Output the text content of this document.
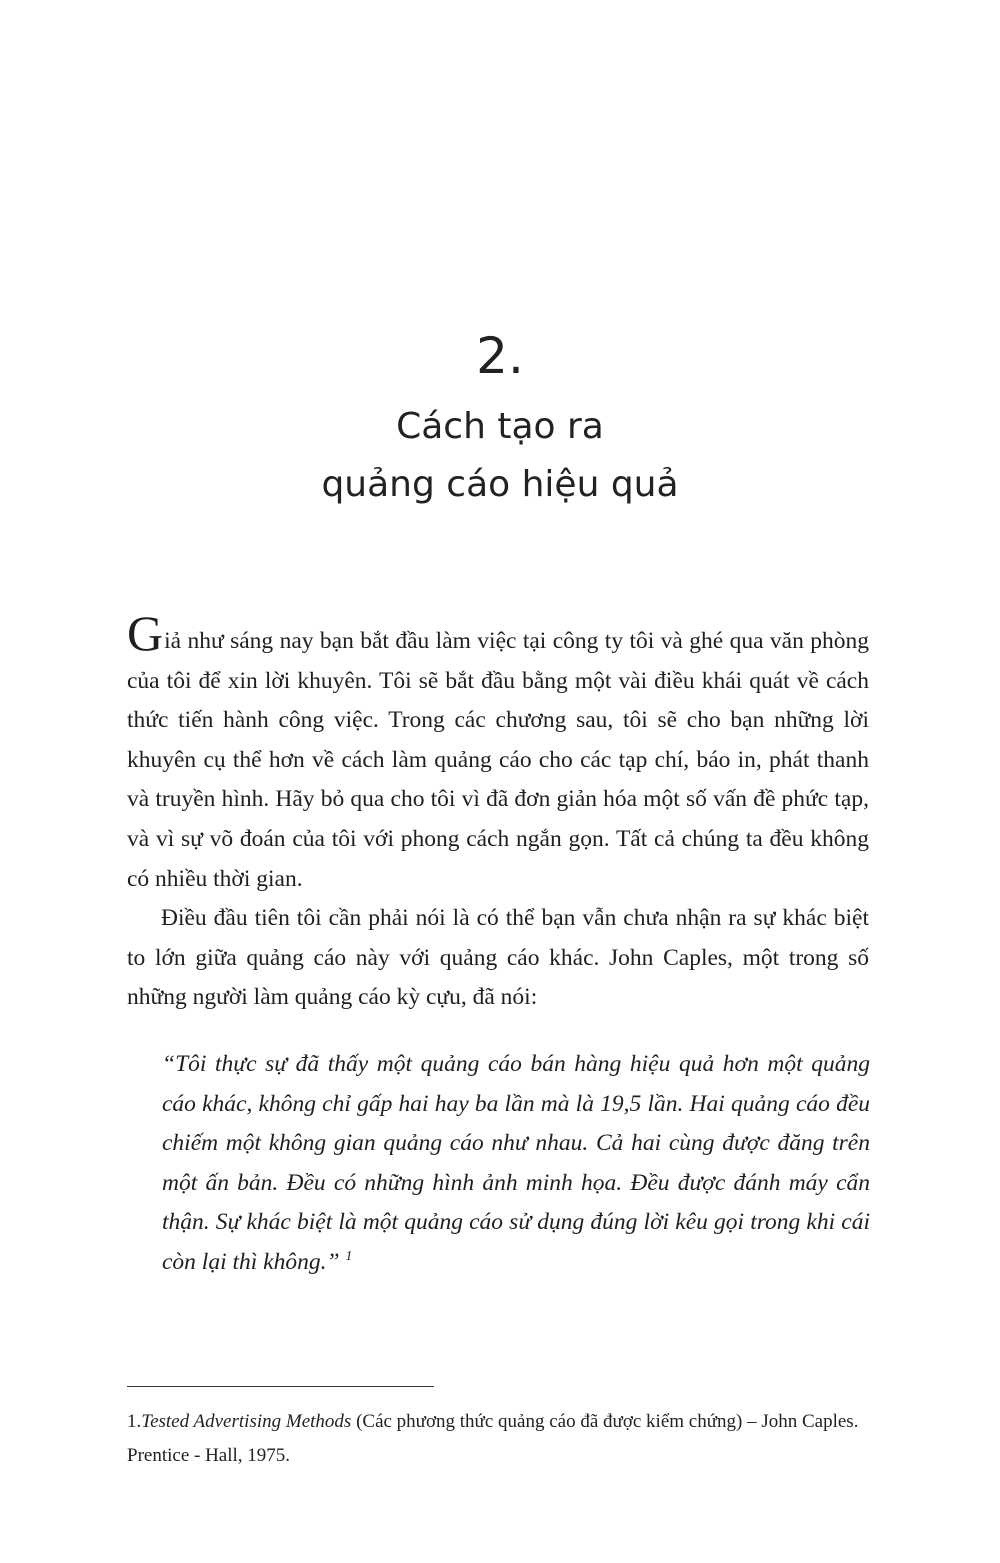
2.
Cách tạo ra
quảng cáo hiệu quả

Giả như sáng nay bạn bắt đầu làm việc tại công ty tôi và ghé qua văn phòng của tôi để xin lời khuyên. Tôi sẽ bắt đầu bằng một vài điều khái quát về cách thức tiến hành công việc. Trong các chương sau, tôi sẽ cho bạn những lời khuyên cụ thể hơn về cách làm quảng cáo cho các tạp chí, báo in, phát thanh và truyền hình. Hãy bỏ qua cho tôi vì đã đơn giản hóa một số vấn đề phức tạp, và vì sự võ đoán của tôi với phong cách ngắn gọn. Tất cả chúng ta đều không có nhiều thời gian.

Điều đầu tiên tôi cần phải nói là có thể bạn vẫn chưa nhận ra sự khác biệt to lớn giữa quảng cáo này với quảng cáo khác. John Caples, một trong số những người làm quảng cáo kỳ cựu, đã nói:

“Tôi thực sự đã thấy một quảng cáo bán hàng hiệu quả hơn một quảng cáo khác, không chỉ gấp hai hay ba lần mà là 19,5 lần. Hai quảng cáo đều chiếm một không gian quảng cáo như nhau. Cả hai cùng được đăng trên một ấn bản. Đều có những hình ảnh minh họa. Đều được đánh máy cẩn thận. Sự khác biệt là một quảng cáo sử dụng đúng lời kêu gọi trong khi cái còn lại thì không.” $^1$

1.Tested Advertising Methods (Các phương thức quảng cáo đã được kiểm chứng) – John Caples. Prentice - Hall, 1975.
